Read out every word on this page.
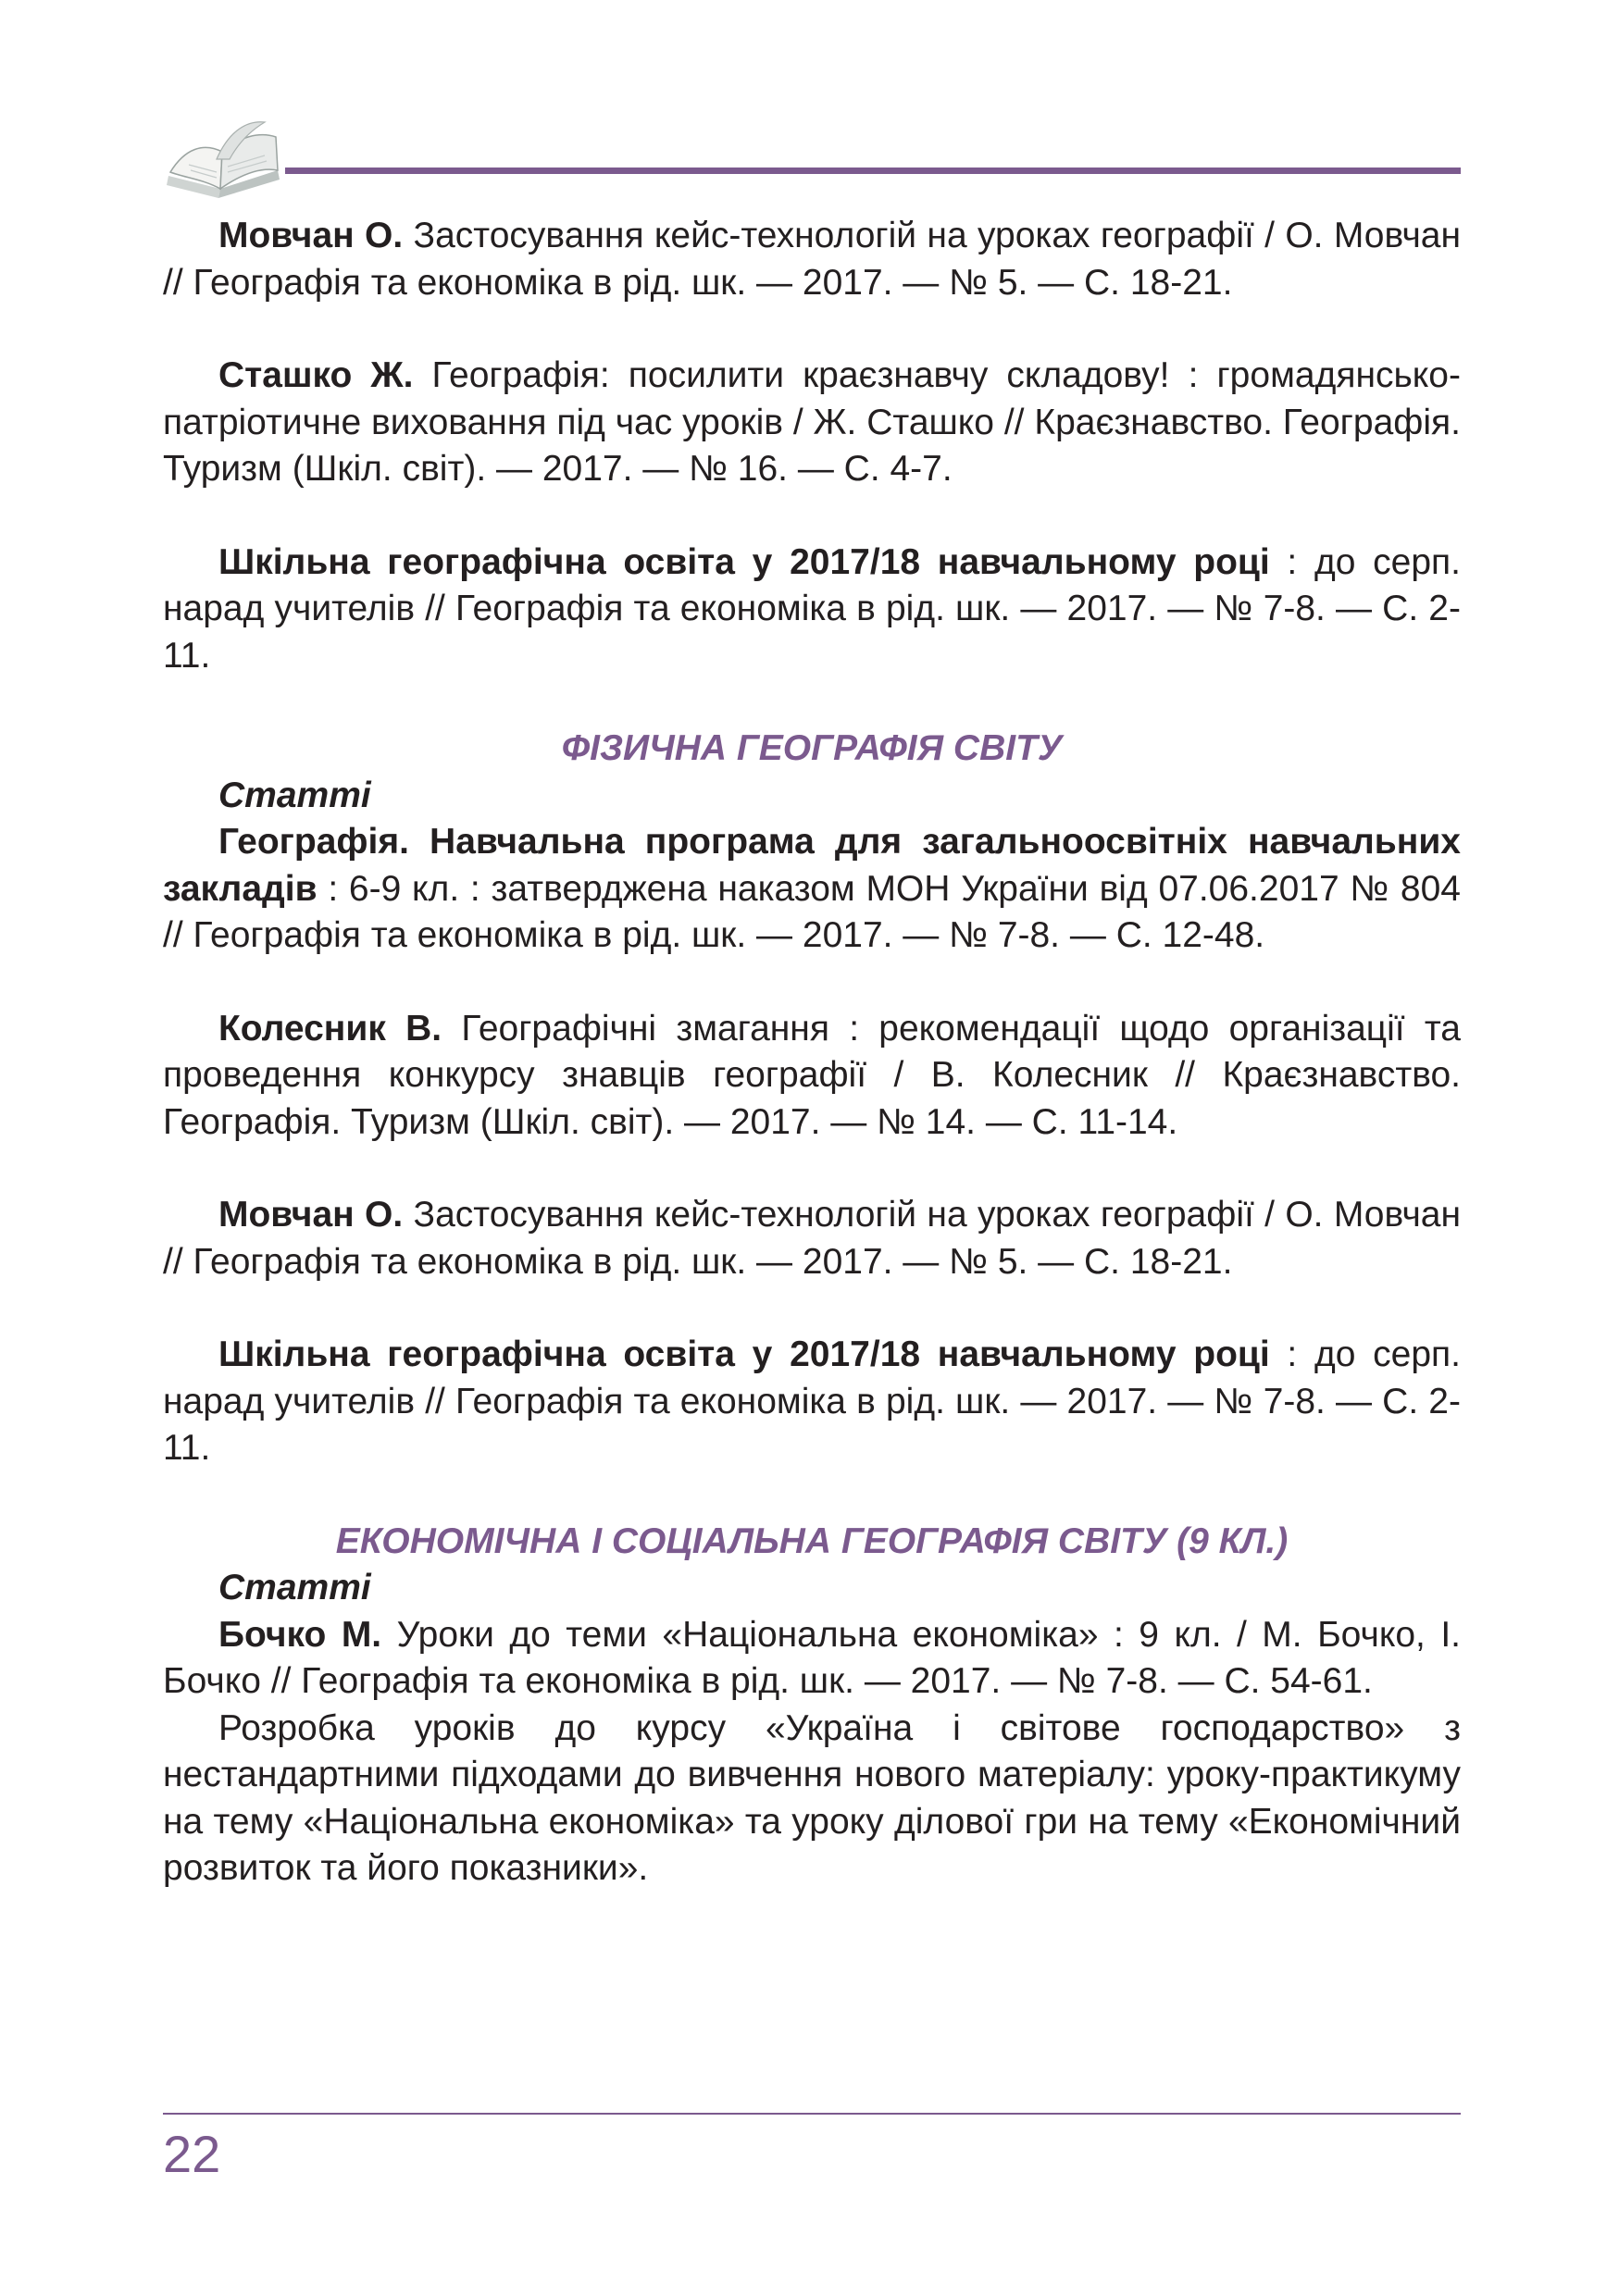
Мовчан О. Застосування кейс-технологій на уроках географії / О. Мовчан // Географія та економіка в рід. шк. — 2017. — № 5. — С. 18-21.

Сташко Ж. Географія: посилити краєзнавчу складову! : громадянсько-патріотичне виховання під час уроків / Ж. Сташко // Краєзнавство. Географія. Туризм (Шкіл. світ). — 2017. — № 16. — С. 4-7.

Шкільна географічна освіта у 2017/18 навчальному році : до серп. нарад учителів // Географія та економіка в рід. шк. — 2017. — № 7-8. — С. 2-11.

ФІЗИЧНА ГЕОГРАФІЯ СВІТУ

Статті

Географія. Навчальна програма для загальноосвітніх навчальних закладів : 6-9 кл. : затверджена наказом МОН України від 07.06.2017 № 804 // Географія та економіка в рід. шк. — 2017. — № 7-8. — С. 12-48.

Колесник В. Географічні змагання : рекомендації щодо організації та проведення конкурсу знавців географії / В. Колесник // Краєзнавство. Географія. Туризм (Шкіл. світ). — 2017. — № 14. — С. 11-14.

Мовчан О. Застосування кейс-технологій на уроках географії / О. Мовчан // Географія та економіка в рід. шк. — 2017. — № 5. — С. 18-21.

Шкільна географічна освіта у 2017/18 навчальному році : до серп. нарад учителів // Географія та економіка в рід. шк. — 2017. — № 7-8. — С. 2-11.

ЕКОНОМІЧНА І СОЦІАЛЬНА ГЕОГРАФІЯ СВІТУ (9 КЛ.)

Статті

Бочко М. Уроки до теми «Національна економіка» : 9 кл. / М. Бочко, І. Бочко // Географія та економіка в рід. шк. — 2017. — № 7-8. — С. 54-61.

Розробка уроків до курсу «Україна і світове господарство» з нестандартними підходами до вивчення нового матеріалу: уроку-практикуму на тему «Національна економіка» та уроку ділової гри на тему «Економічний розвиток та його показники».

22
